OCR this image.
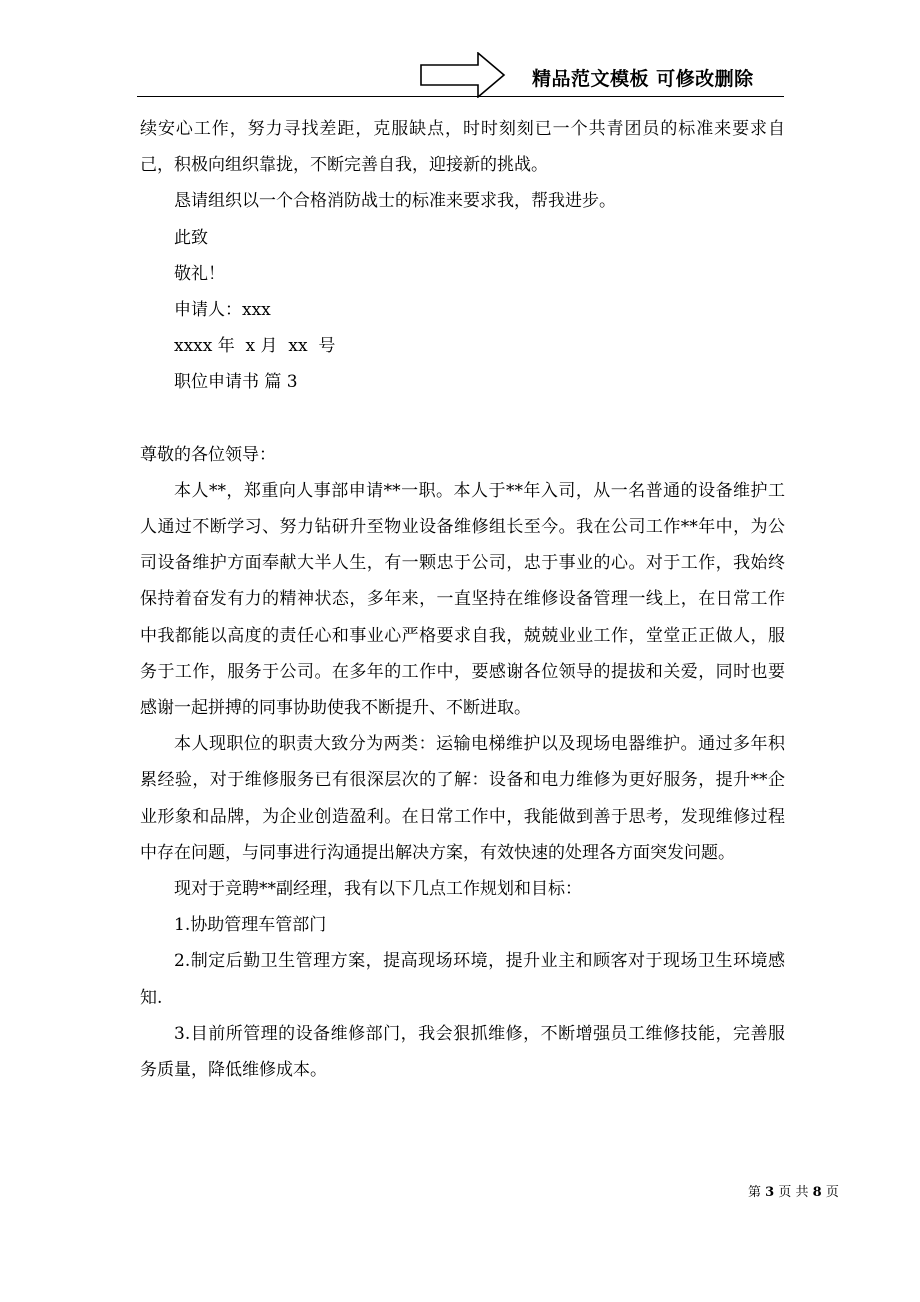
精品范文模板 可修改删除

续安心工作，努力寻找差距，克服缺点，时时刻刻已一个共青团员的标准来要求自己，积极向组织靠拢，不断完善自我，迎接新的挑战。

恳请组织以一个合格消防战士的标准来要求我，帮我进步。

此致

敬礼！

申请人：xxx

xxxx 年  x 月  xx  号

职位申请书 篇 3

尊敬的各位领导：

本人**，郑重向人事部申请**一职。本人于**年入司，从一名普通的设备维护工人通过不断学习、努力钻研升至物业设备维修组长至今。我在公司工作**年中，为公司设备维护方面奉献大半人生，有一颗忠于公司，忠于事业的心。对于工作，我始终保持着奋发有力的精神状态，多年来，一直坚持在维修设备管理一线上，在日常工作中我都能以高度的责任心和事业心严格要求自我，兢兢业业工作，堂堂正正做人，服务于工作，服务于公司。在多年的工作中，要感谢各位领导的提拔和关爱，同时也要感谢一起拼搏的同事协助使我不断提升、不断进取。

本人现职位的职责大致分为两类：运输电梯维护以及现场电器维护。通过多年积累经验，对于维修服务已有很深层次的了解：设备和电力维修为更好服务，提升**企业形象和品牌，为企业创造盈利。在日常工作中，我能做到善于思考，发现维修过程中存在问题，与同事进行沟通提出解决方案，有效快速的处理各方面突发问题。

现对于竞聘**副经理，我有以下几点工作规划和目标：

1.协助管理车管部门

2.制定后勤卫生管理方案，提高现场环境，提升业主和顾客对于现场卫生环境感知.

3.目前所管理的设备维修部门，我会狠抓维修，不断增强员工维修技能，完善服务质量，降低维修成本。

第 3 页 共 8 页
